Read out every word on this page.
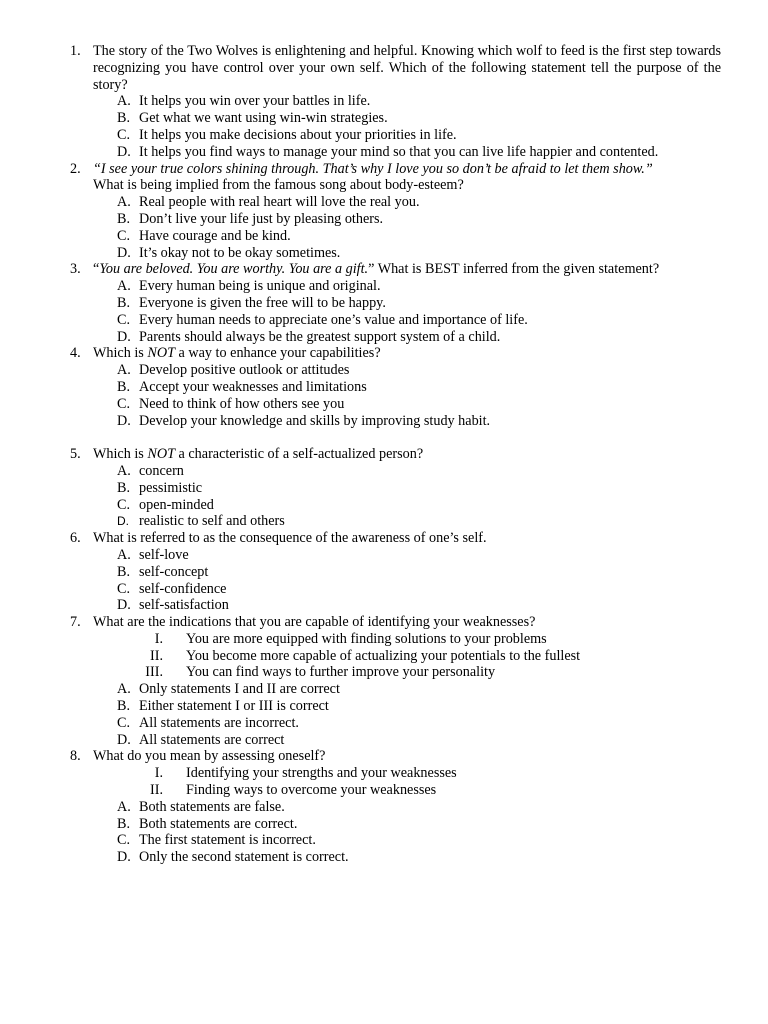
1. The story of the Two Wolves is enlightening and helpful. Knowing which wolf to feed is the first step towards recognizing you have control over your own self. Which of the following statement tell the purpose of the story?
A. It helps you win over your battles in life.
B. Get what we want using win-win strategies.
C. It helps you make decisions about your priorities in life.
D. It helps you find ways to manage your mind so that you can live life happier and contented.
2. “I see your true colors shining through. That’s why I love you so don’t be afraid to let them show.”
What is being implied from the famous song about body-esteem?
A. Real people with real heart will love the real you.
B. Don’t live your life just by pleasing others.
C. Have courage and be kind.
D. It’s okay not to be okay sometimes.
3. “You are beloved. You are worthy. You are a gift.” What is BEST inferred from the given statement?
A. Every human being is unique and original.
B. Everyone is given the free will to be happy.
C. Every human needs to appreciate one’s value and importance of life.
D. Parents should always be the greatest support system of a child.
4. Which is NOT a way to enhance your capabilities?
A. Develop positive outlook or attitudes
B. Accept your weaknesses and limitations
C. Need to think of how others see you
D. Develop your knowledge and skills by improving study habit.
5. Which is NOT a characteristic of a self-actualized person?
A. concern
B. pessimistic
C. open-minded
D. realistic to self and others
6. What is referred to as the consequence of the awareness of one’s self.
A. self-love
B. self-concept
C. self-confidence
D. self-satisfaction
7. What are the indications that you are capable of identifying your weaknesses?
I. You are more equipped with finding solutions to your problems
II. You become more capable of actualizing your potentials to the fullest
III. You can find ways to further improve your personality
A. Only statements I and II are correct
B. Either statement I or III is correct
C. All statements are incorrect.
D. All statements are correct
8. What do you mean by assessing oneself?
I. Identifying your strengths and your weaknesses
II. Finding ways to overcome your weaknesses
A. Both statements are false.
B. Both statements are correct.
C. The first statement is incorrect.
D. Only the second statement is correct.
